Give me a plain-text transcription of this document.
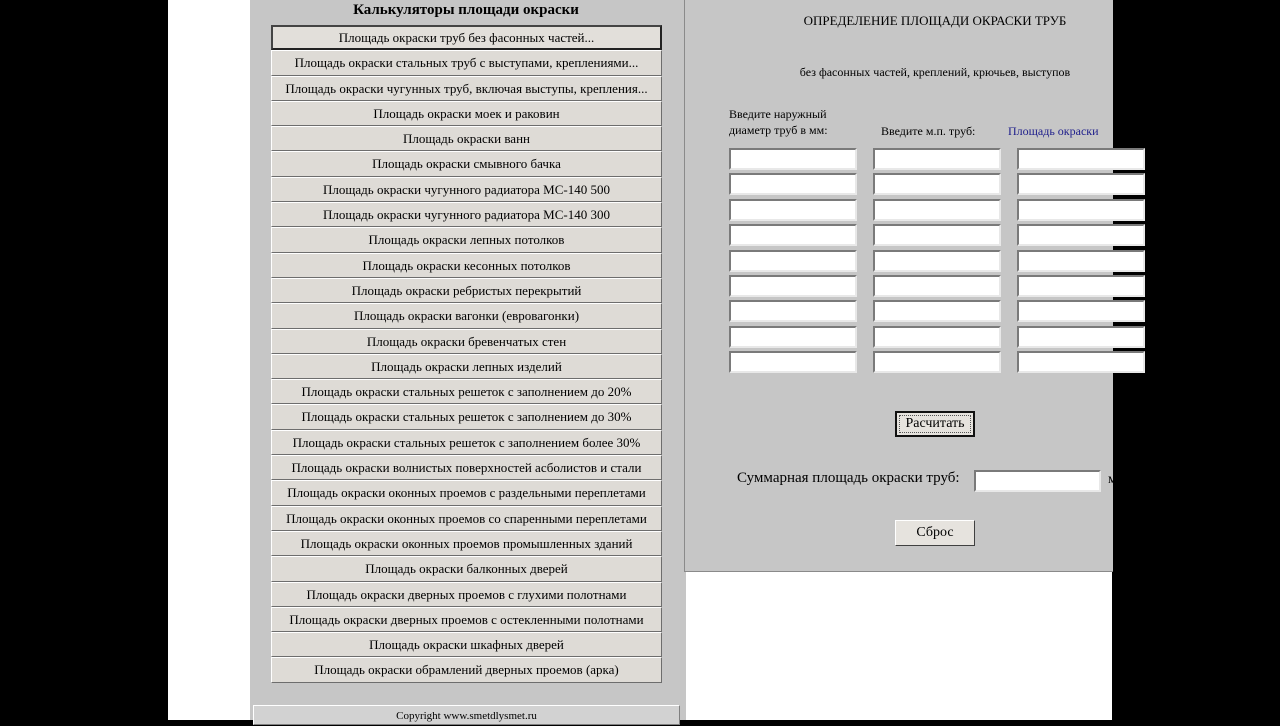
Калькуляторы площади окраски
Площадь окраски труб без фасонных частей...
Площадь окраски стальных труб с выступами, креплениями...
Площадь окраски чугунных труб, включая выступы, крепления...
Площадь окраски моек и раковин
Площадь окраски ванн
Площадь окраски смывного бачка
Площадь окраски чугунного радиатора МС-140 500
Площадь окраски чугунного радиатора МС-140 300
Площадь окраски лепных потолков
Площадь окраски кесонных потолков
Площадь окраски ребристых перекрытий
Площадь окраски вагонки (евровагонки)
Площадь окраски бревенчатых стен
Площадь окраски лепных изделий
Площадь окраски стальных решеток с заполнением до 20%
Площадь окраски стальных решеток с заполнением до 30%
Площадь окраски стальных решеток с заполнением более 30%
Площадь окраски волнистых поверхностей асболистов и стали
Площадь окраски оконных проемов с раздельными переплетами
Площадь окраски оконных проемов со спаренными переплетами
Площадь окраски оконных проемов промышленных зданий
Площадь окраски балконных дверей
Площадь окраски дверных проемов с глухими полотнами
Площадь окраски дверных проемов с остекленными полотнами
Площадь окраски шкафных дверей
Площадь окраски обрамлений дверных проемов (арка)
Copyright www.smetdlysmet.ru
ОПРЕДЕЛЕНИЕ ПЛОЩАДИ ОКРАСКИ ТРУБ
без фасонных частей, креплений, крючьев, выступов
Введите наружный
диаметр труб в мм:	Введите м.п. труб:	Площадь окраски
Расчитать
Суммарная площадь окраски труб:	м
Сброс
